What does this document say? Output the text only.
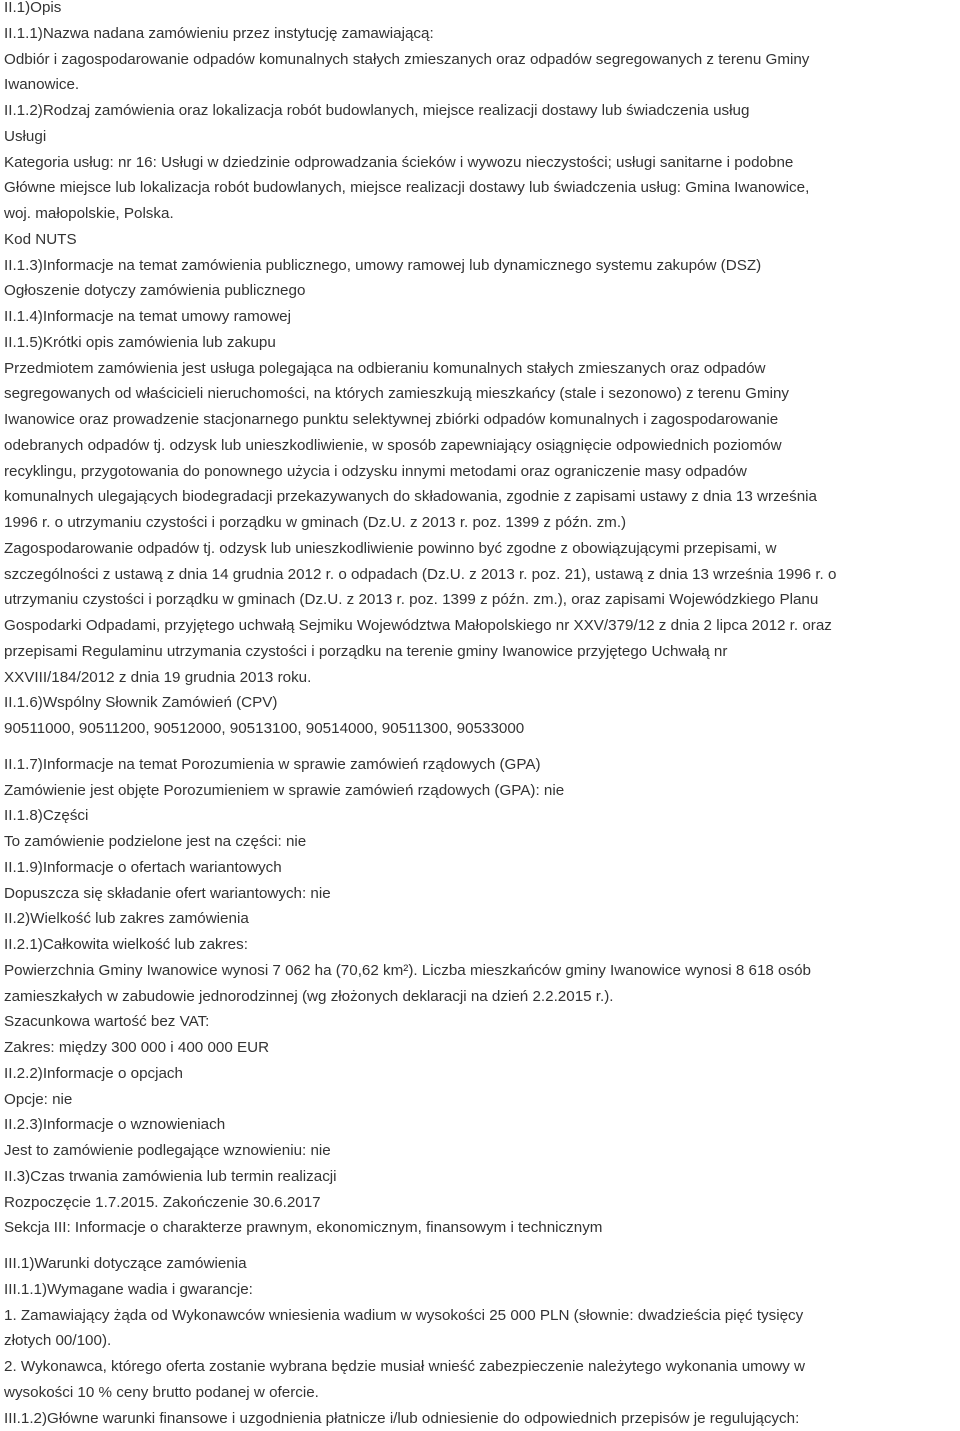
II.1)Opis
II.1.1)Nazwa nadana zamówieniu przez instytucję zamawiającą:
Odbiór i zagospodarowanie odpadów komunalnych stałych zmieszanych oraz odpadów segregowanych z terenu Gminy
Iwanowice.
II.1.2)Rodzaj zamówienia oraz lokalizacja robót budowlanych, miejsce realizacji dostawy lub świadczenia usług
Usługi
Kategoria usług: nr 16: Usługi w dziedzinie odprowadzania ścieków i wywozu nieczystości; usługi sanitarne i podobne
Główne miejsce lub lokalizacja robót budowlanych, miejsce realizacji dostawy lub świadczenia usług: Gmina Iwanowice,
woj. małopolskie, Polska.
Kod NUTS
II.1.3)Informacje na temat zamówienia publicznego, umowy ramowej lub dynamicznego systemu zakupów (DSZ)
Ogłoszenie dotyczy zamówienia publicznego
II.1.4)Informacje na temat umowy ramowej
II.1.5)Krótki opis zamówienia lub zakupu
Przedmiotem zamówienia jest usługa polegająca na odbieraniu komunalnych stałych zmieszanych oraz odpadów
segregowanych od właścicieli nieruchomości, na których zamieszkują mieszkańcy (stale i sezonowo) z terenu Gminy
Iwanowice oraz prowadzenie stacjonarnego punktu selektywnej zbiórki odpadów komunalnych i zagospodarowanie
odebranych odpadów tj. odzysk lub unieszkodliwienie, w sposób zapewniający osiągnięcie odpowiednich poziomów
recyklingu, przygotowania do ponownego użycia i odzysku innymi metodami oraz ograniczenie masy odpadów
komunalnych ulegających biodegradacji przekazywanych do składowania, zgodnie z zapisami ustawy z dnia 13 września
1996 r. o utrzymaniu czystości i porządku w gminach (Dz.U. z 2013 r. poz. 1399 z późn. zm.)
Zagospodarowanie odpadów tj. odzysk lub unieszkodliwienie powinno być zgodne z obowiązującymi przepisami, w
szczególności z ustawą z dnia 14 grudnia 2012 r. o odpadach (Dz.U. z 2013 r. poz. 21), ustawą z dnia 13 września 1996 r. o
utrzymaniu czystości i porządku w gminach (Dz.U. z 2013 r. poz. 1399 z późn. zm.), oraz zapisami Wojewódzkiego Planu
Gospodarki Odpadami, przyjętego uchwałą Sejmiku Województwa Małopolskiego nr XXV/379/12 z dnia 2 lipca 2012 r. oraz
przepisami Regulaminu utrzymania czystości i porządku na terenie gminy Iwanowice przyjętego Uchwałą nr
XXVIII/184/2012 z dnia 19 grudnia 2013 roku.
II.1.6)Wspólny Słownik Zamówień (CPV)
90511000, 90511200, 90512000, 90513100, 90514000, 90511300, 90533000
II.1.7)Informacje na temat Porozumienia w sprawie zamówień rządowych (GPA)
Zamówienie jest objęte Porozumieniem w sprawie zamówień rządowych (GPA): nie
II.1.8)Części
To zamówienie podzielone jest na części: nie
II.1.9)Informacje o ofertach wariantowych
Dopuszcza się składanie ofert wariantowych: nie
II.2)Wielkość lub zakres zamówienia
II.2.1)Całkowita wielkość lub zakres:
Powierzchnia Gminy Iwanowice wynosi 7 062 ha (70,62 km²). Liczba mieszkańców gminy Iwanowice wynosi 8 618 osób
zamieszkałych w zabudowie jednorodzinnej (wg złożonych deklaracji na dzień 2.2.2015 r.).
Szacunkowa wartość bez VAT:
Zakres: między 300 000 i 400 000 EUR
II.2.2)Informacje o opcjach
Opcje: nie
II.2.3)Informacje o wznowieniach
Jest to zamówienie podlegające wznowieniu: nie
II.3)Czas trwania zamówienia lub termin realizacji
Rozpoczęcie 1.7.2015. Zakończenie 30.6.2017
Sekcja III: Informacje o charakterze prawnym, ekonomicznym, finansowym i technicznym
III.1)Warunki dotyczące zamówienia
III.1.1)Wymagane wadia i gwarancje:
1. Zamawiający żąda od Wykonawców wniesienia wadium w wysokości 25 000 PLN (słownie: dwadzieścia pięć tysięcy
złotych 00/100).
2. Wykonawca, którego oferta zostanie wybrana będzie musiał wnieść zabezpieczenie należytego wykonania umowy w
wysokości 10 % ceny brutto podanej w ofercie.
III.1.2)Główne warunki finansowe i uzgodnienia płatnicze i/lub odniesienie do odpowiednich przepisów je regulujących:
